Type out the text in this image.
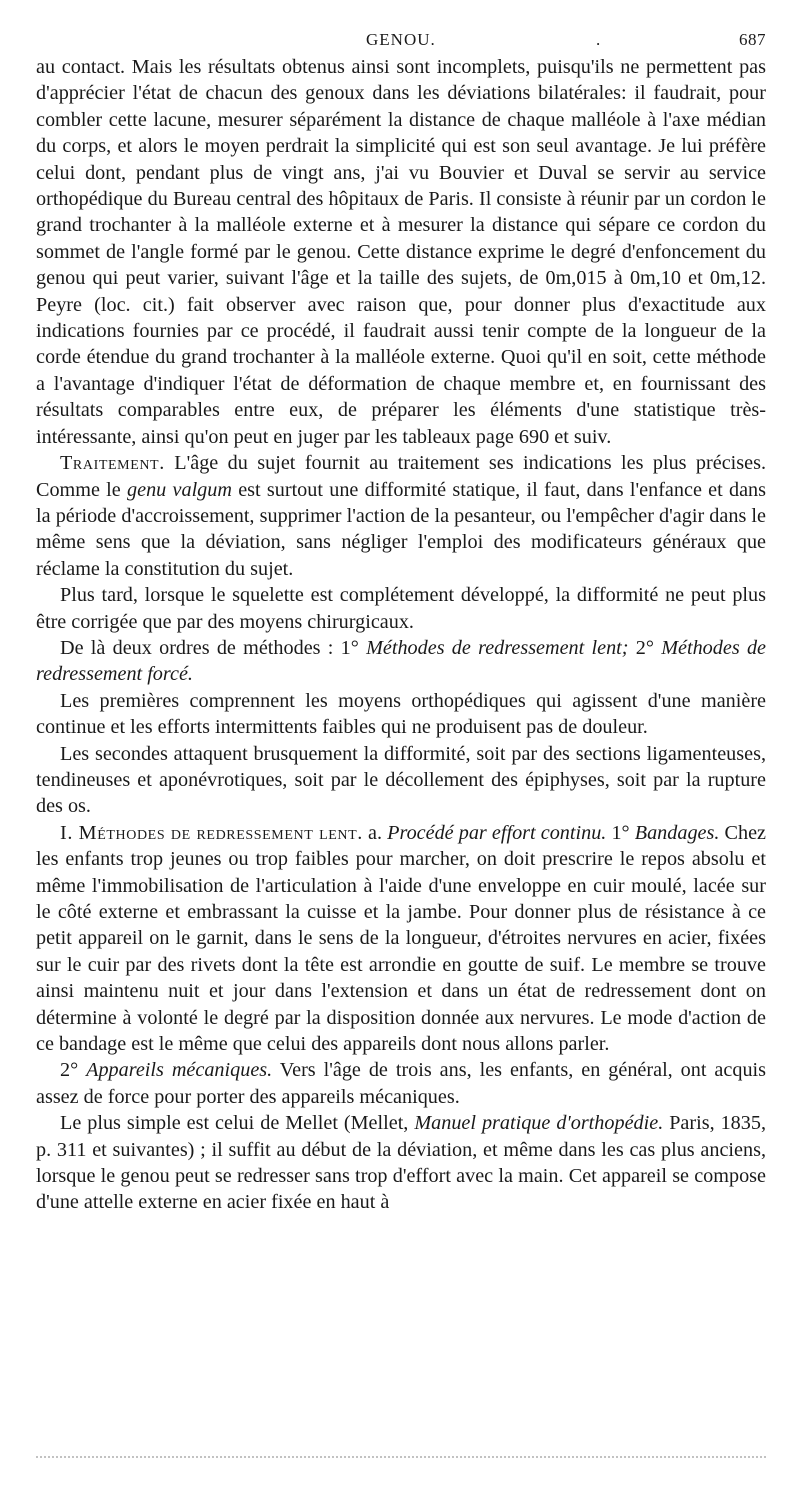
GENOU.	.	687

au contact. Mais les résultats obtenus ainsi sont incomplets, puisqu'ils ne permettent pas d'apprécier l'état de chacun des genoux dans les déviations bilatérales: il faudrait, pour combler cette lacune, mesurer séparément la distance de chaque malléole à l'axe médian du corps, et alors le moyen perdrait la simplicité qui est son seul avantage. Je lui préfère celui dont, pendant plus de vingt ans, j'ai vu Bouvier et Duval se servir au service orthopédique du Bureau central des hôpitaux de Paris. Il consiste à réunir par un cordon le grand trochanter à la malléole externe et à mesurer la distance qui sépare ce cordon du sommet de l'angle formé par le genou. Cette distance exprime le degré d'enfoncement du genou qui peut varier, suivant l'âge et la taille des sujets, de 0m,015 à 0m,10 et 0m,12. Peyre (loc. cit.) fait observer avec raison que, pour donner plus d'exactitude aux indications fournies par ce procédé, il faudrait aussi tenir compte de la longueur de la corde étendue du grand trochanter à la malléole externe. Quoi qu'il en soit, cette méthode a l'avantage d'indiquer l'état de déformation de chaque membre et, en fournissant des résultats comparables entre eux, de préparer les éléments d'une statistique très-intéressante, ainsi qu'on peut en juger par les tableaux page 690 et suiv.

Traitement. L'âge du sujet fournit au traitement ses indications les plus précises. Comme le genu valgum est surtout une difformité statique, il faut, dans l'enfance et dans la période d'accroissement, supprimer l'action de la pesanteur, ou l'empêcher d'agir dans le même sens que la déviation, sans négliger l'emploi des modificateurs généraux que réclame la constitution du sujet.

Plus tard, lorsque le squelette est complétement développé, la difformité ne peut plus être corrigée que par des moyens chirurgicaux.

De là deux ordres de méthodes : 1° Méthodes de redressement lent; 2° Méthodes de redressement forcé.

Les premières comprennent les moyens orthopédiques qui agissent d'une manière continue et les efforts intermittents faibles qui ne produisent pas de douleur.

Les secondes attaquent brusquement la difformité, soit par des sections ligamenteuses, tendineuses et aponévrotiques, soit par le décollement des épiphyses, soit par la rupture des os.

I. Méthodes de redressement lent. a. Procédé par effort continu. 1° Bandages. Chez les enfants trop jeunes ou trop faibles pour marcher, on doit prescrire le repos absolu et même l'immobilisation de l'articulation à l'aide d'une enveloppe en cuir moulé, lacée sur le côté externe et embrassant la cuisse et la jambe. Pour donner plus de résistance à ce petit appareil on le garnit, dans le sens de la longueur, d'étroites nervures en acier, fixées sur le cuir par des rivets dont la tête est arrondie en goutte de suif. Le membre se trouve ainsi maintenu nuit et jour dans l'extension et dans un état de redressement dont on détermine à volonté le degré par la disposition donnée aux nervures. Le mode d'action de ce bandage est le même que celui des appareils dont nous allons parler.

2° Appareils mécaniques. Vers l'âge de trois ans, les enfants, en général, ont acquis assez de force pour porter des appareils mécaniques.

Le plus simple est celui de Mellet (Mellet, Manuel pratique d'orthopédie. Paris, 1835, p. 311 et suivantes) ; il suffit au début de la déviation, et même dans les cas plus anciens, lorsque le genou peut se redresser sans trop d'effort avec la main. Cet appareil se compose d'une attelle externe en acier fixée en haut à
